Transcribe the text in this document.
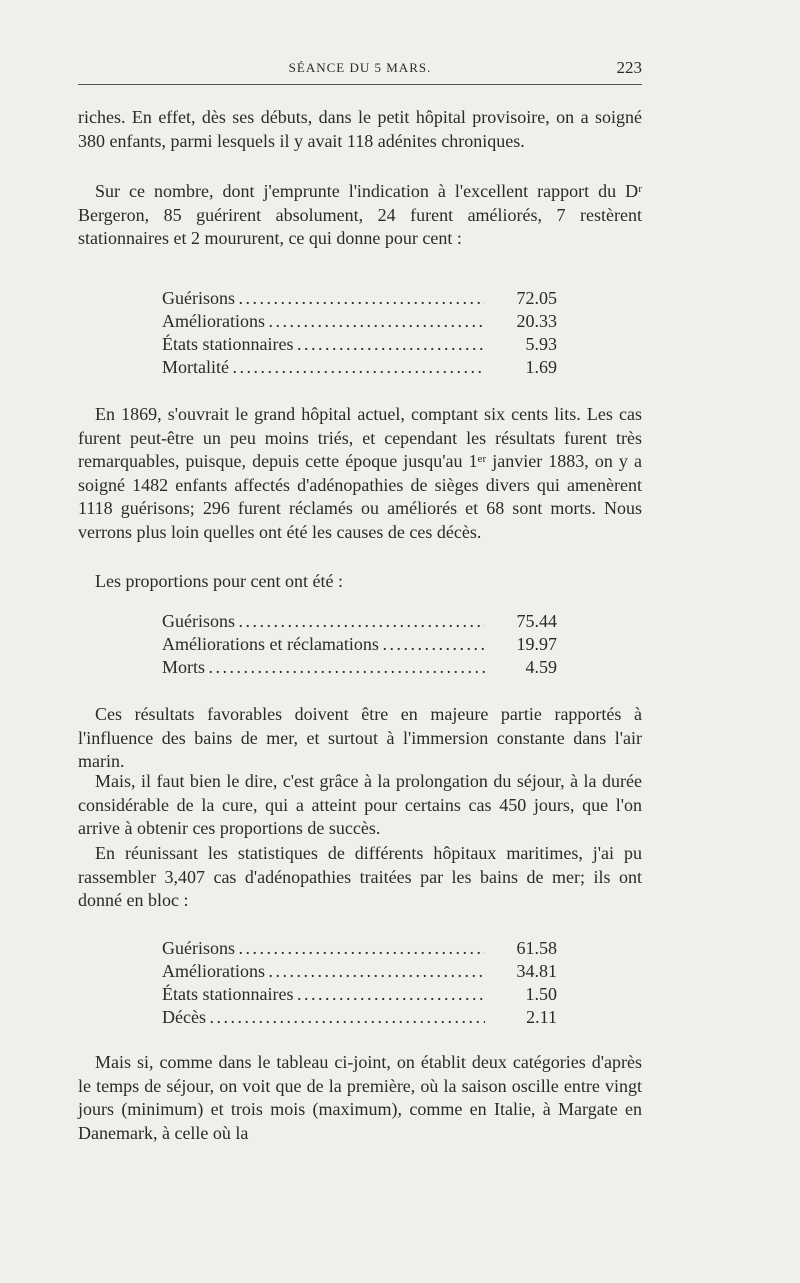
SÉANCE DU 5 MARS.	223

riches. En effet, dès ses débuts, dans le petit hôpital provisoire, on a soigné 380 enfants, parmi lesquels il y avait 118 adénites chroniques.

Sur ce nombre, dont j'emprunte l'indication à l'excellent rapport du Dʳ Bergeron, 85 guérirent absolument, 24 furent améliorés, 7 restèrent stationnaires et 2 moururent, ce qui donne pour cent :

Guérisons . . .	72.05
Améliorations . . .	20.33
États stationnaires . . .	5.93
Mortalité . . .	1.69

En 1869, s'ouvrait le grand hôpital actuel, comptant six cents lits. Les cas furent peut-être un peu moins triés, et cependant les résultats furent très remarquables, puisque, depuis cette époque jusqu'au 1ᵉʳ janvier 1883, on y a soigné 1482 enfants affectés d'adénopathies de sièges divers qui amenèrent 1118 guérisons; 296 furent réclamés ou améliorés et 68 sont morts. Nous verrons plus loin quelles ont été les causes de ces décès.

Les proportions pour cent ont été :

Guérisons . . .	75.44
Améliorations et réclamations . . .	19.97
Morts . . .	4.59

Ces résultats favorables doivent être en majeure partie rapportés à l'influence des bains de mer, et surtout à l'immersion constante dans l'air marin.

Mais, il faut bien le dire, c'est grâce à la prolongation du séjour, à la durée considérable de la cure, qui a atteint pour certains cas 450 jours, que l'on arrive à obtenir ces proportions de succès.

En réunissant les statistiques de différents hôpitaux maritimes, j'ai pu rassembler 3,407 cas d'adénopathies traitées par les bains de mer; ils ont donné en bloc :

Guérisons . . .	61.58
Améliorations . . .	34.81
États stationnaires . . .	1.50
Décès . . .	2.11

Mais si, comme dans le tableau ci-joint, on établit deux catégories d'après le temps de séjour, on voit que de la première, où la saison oscille entre vingt jours (minimum) et trois mois (maximum), comme en Italie, à Margate en Danemark, à celle où la
